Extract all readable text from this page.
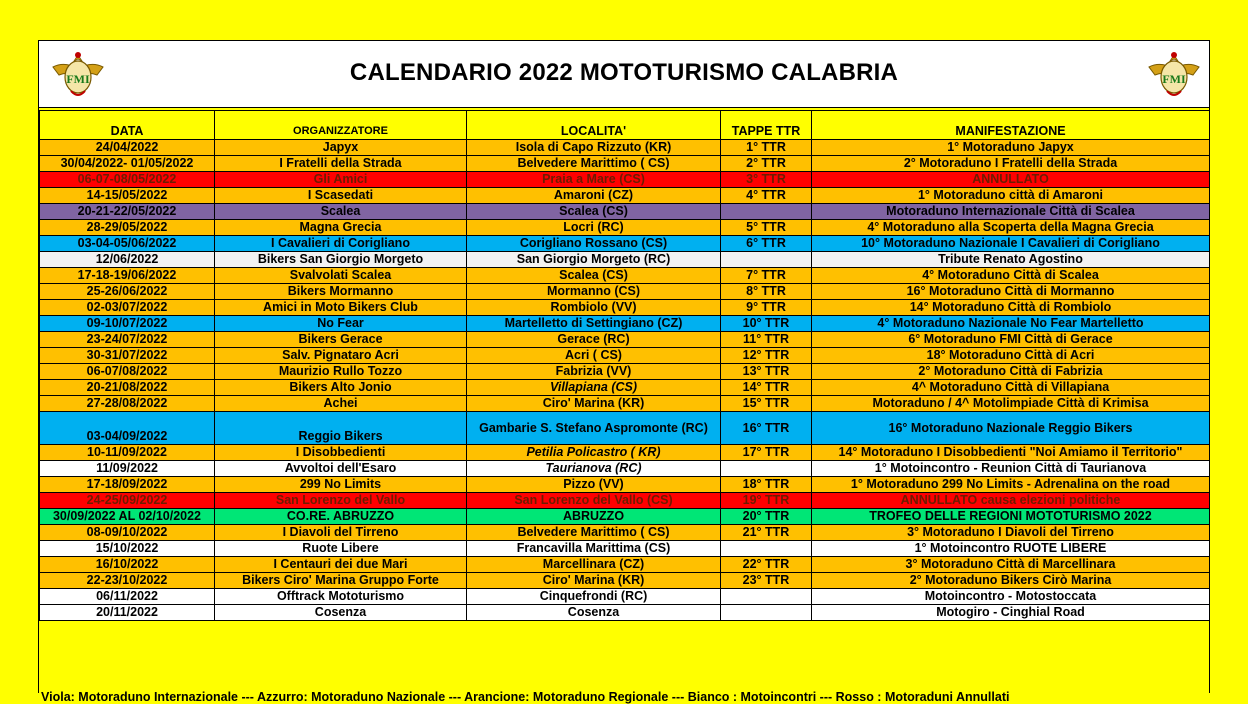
FMI	CALENDARIO 2022 MOTOTURISMO CALABRIA	FMI
DATA	ORGANIZZATORE	LOCALITA'	TAPPE TTR	MANIFESTAZIONE
24/04/2022	Japyx	Isola di Capo Rizzuto (KR)	1° TTR	1° Motoraduno Japyx
30/04/2022- 01/05/2022	I Fratelli della Strada	Belvedere Marittimo ( CS)	2° TTR	2° Motoraduno I Fratelli della Strada
06-07-08/05/2022	Gli Amici	Praia a Mare (CS)	3° TTR	ANNULLATO
14-15/05/2022	I Scasedati	Amaroni (CZ)	4° TTR	1° Motoraduno città di Amaroni
20-21-22/05/2022	Scalea	Scalea (CS)		Motoraduno Internazionale Città di Scalea
28-29/05/2022	Magna Grecia	Locri (RC)	5° TTR	4° Motoraduno alla Scoperta della Magna Grecia
03-04-05/06/2022	I Cavalieri di Corigliano	Corigliano Rossano (CS)	6° TTR	10° Motoraduno Nazionale I Cavalieri di Corigliano
12/06/2022	Bikers San Giorgio Morgeto	San Giorgio Morgeto (RC)		Tribute Renato Agostino
17-18-19/06/2022	Svalvolati Scalea	Scalea (CS)	7° TTR	4° Motoraduno Città di Scalea
25-26/06/2022	Bikers Mormanno	Mormanno (CS)	8° TTR	16° Motoraduno Città di Mormanno
02-03/07/2022	Amici in Moto Bikers Club	Rombiolo (VV)	9° TTR	14° Motoraduno Città di Rombiolo
09-10/07/2022	No Fear	Martelletto di Settingiano (CZ)	10° TTR	4° Motoraduno Nazionale No Fear Martelletto
23-24/07/2022	Bikers Gerace	Gerace (RC)	11° TTR	6° Motoraduno FMI Città di Gerace
30-31/07/2022	Salv. Pignataro Acri	Acri ( CS)	12° TTR	18° Motoraduno Città di Acri
06-07/08/2022	Maurizio Rullo Tozzo	Fabrizia (VV)	13° TTR	2° Motoraduno Città di Fabrizia
20-21/08/2022	Bikers Alto Jonio	Villapiana (CS)	14° TTR	4^ Motoraduno Città di Villapiana
27-28/08/2022	Achei	Ciro' Marina (KR)	15° TTR	Motoraduno / 4^ Motolimpiade Città di Krimisa
03-04/09/2022	Reggio Bikers	Gambarie S. Stefano Aspromonte (RC)	16° TTR	16° Motoraduno Nazionale Reggio Bikers
10-11/09/2022	I Disobbedienti	Petilia Policastro ( KR)	17° TTR	14° Motoraduno I Disobbedienti "Noi Amiamo il Territorio"
11/09/2022	Avvoltoi dell'Esaro	Taurianova (RC)		1° Motoincontro - Reunion Città di Taurianova
17-18/09/2022	299 No Limits	Pizzo (VV)	18° TTR	1° Motoraduno 299 No Limits - Adrenalina on the road
24-25/09/2022	San Lorenzo del Vallo	San Lorenzo del Vallo (CS)	19° TTR	ANNULLATO causa elezioni politiche
30/09/2022 AL 02/10/2022	CO.RE. ABRUZZO	ABRUZZO	20° TTR	TROFEO DELLE REGIONI MOTOTURISMO 2022
08-09/10/2022	I Diavoli del Tirreno	Belvedere Marittimo ( CS)	21° TTR	3° Motoraduno I Diavoli del Tirreno
15/10/2022	Ruote Libere	Francavilla Marittima (CS)		1° Motoincontro RUOTE LIBERE
16/10/2022	I Centauri dei due Mari	Marcellinara (CZ)	22° TTR	3° Motoraduno Città di Marcellinara
22-23/10/2022	Bikers Ciro' Marina Gruppo Forte	Ciro' Marina (KR)	23° TTR	2° Motoraduno Bikers Cirò Marina
06/11/2022	Offtrack Mototurismo	Cinquefrondi (RC)		Motoincontro - Motostoccata
20/11/2022	Cosenza	Cosenza		Motogiro - Cinghial Road
Viola: Motoraduno Internazionale --- Azzurro: Motoraduno Nazionale --- Arancione: Motoraduno Regionale --- Bianco : Motoincontri --- Rosso : Motoraduni Annullati
